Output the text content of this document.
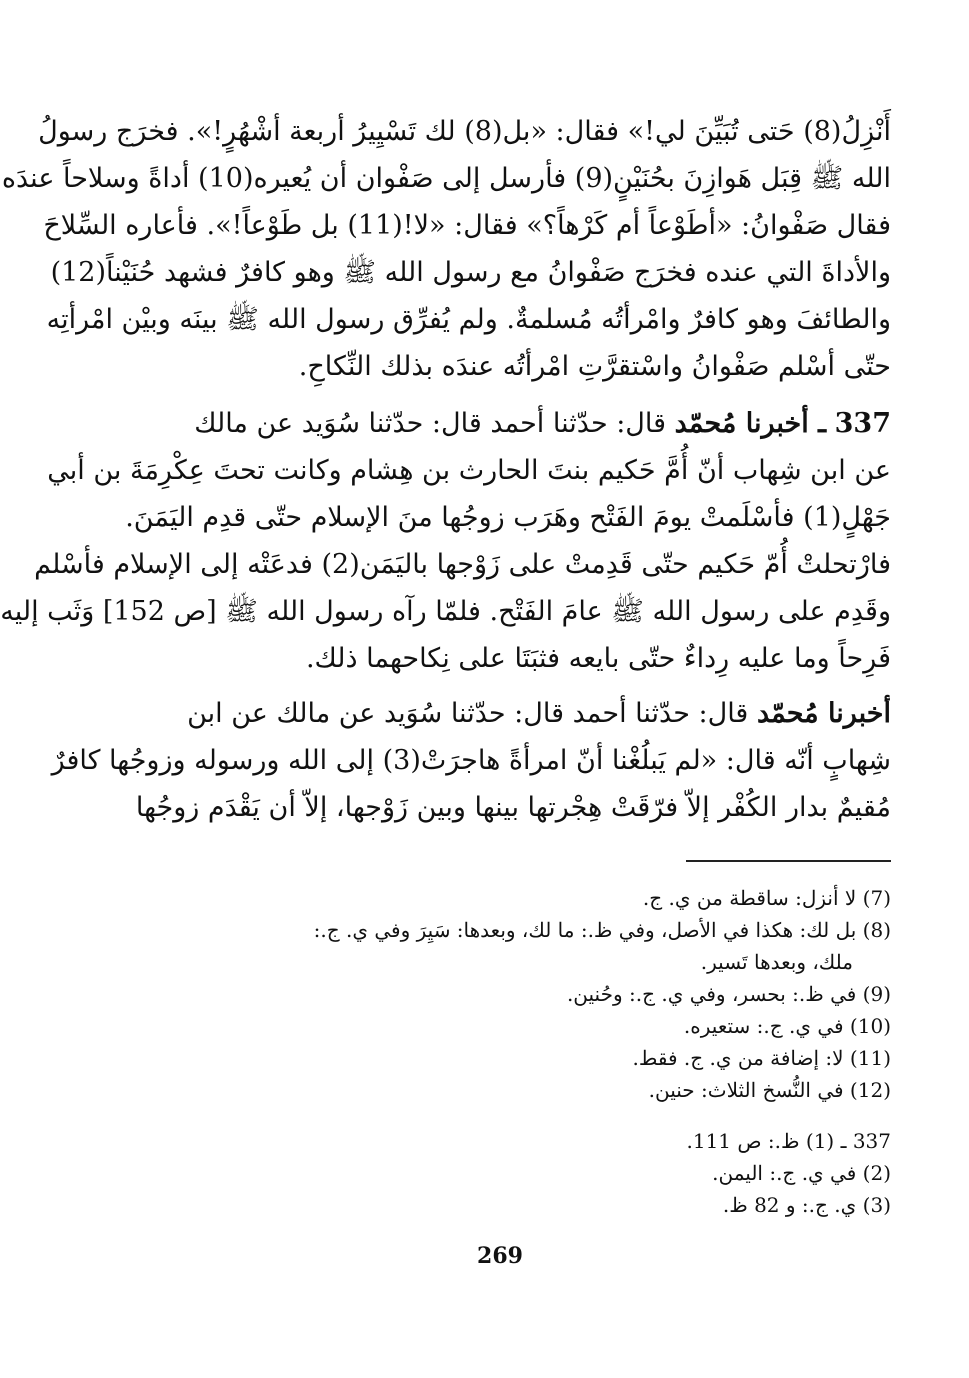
أَنْزِلُ(8) حَتى تُبَيِّنَ لي!» فقال: «بل(8) لك تَسْيِيرُ أربعة أشْهُرٍ!». فخرَج رسولُ
الله ﷺ قِبَل هَوازِنَ بحُنَيْنٍ(9) فأرسل إلى صَفْوان أن يُعيره(10) أداةً وسلاحاً عندَه
فقال صَفْوانُ: «أطَوْعاً أم كَرْهاً؟» فقال: «لا!(11) بل طَوْعاً!». فأعاره السِّلاحَ
والأداةَ التي عنده فخرَج صَفْوانُ مع رسول الله ﷺ وهو كافرٌ فشهد حُنَيْناً(12)
والطائفَ وهو كافرٌ وامْرأتُه مُسلمةٌ. ولم يُفرِّق رسول الله ﷺ بينَه وبيْن امْرأتِه
حتّى أسْلم صَفْوانُ واسْتقرَّتِ امْرأتُه عندَه بذلك النِّكاحِ.
337 ـ أخبرنا مُحمّد قال: حدّثنا أحمد قال: حدّثنا سُوَيد عن مالك
عن ابن شِهاب أنّ أُمَّ حَكيم بنتَ الحارث بن هِشام وكانت تحتَ عِكْرِمَةَ بن أبي
جَهْلٍ(1) فأسْلَمتْ يومَ الفَتْح وهَرَب زوجُها منَ الإسلام حتّى قدِم اليَمَنَ.
فارْتحلتْ أُمّ حَكيم حتّى قَدِمتْ على زَوْجها باليَمَن(2) فدعَتْه إلى الإسلام فأسْلم
وقَدِم على رسول الله ﷺ عامَ الفَتْح. فلمّا رآه رسول الله ﷺ [ص 152] وَثَب إليه
فَرِحاً وما عليه رِداءٌ حتّى بايعه فثبَتَا على نِكاحهما ذلك.
أخبرنا مُحمّد قال: حدّثنا أحمد قال: حدّثنا سُوَيد عن مالك عن ابن
شِهابٍ أنّه قال: «لم يَبلُغْنا أنّ امرأةً هاجرَتْ(3) إلى الله ورسوله وزوجُها كافرٌ
مُقيمٌ بدار الكُفْر إلاّ فرّقَتْ هِجْرتها بينها وبين زَوْجها، إلاّ أن يَقْدَم زوجُها
(7) لا أنزل: ساقطة من ي. ج.
(8) بل لك: هكذا في الأصل، وفي ظ.: ما لك، وبعدها: سَيِرَ وفي ي. ج.:
ملك، وبعدها تَسير.
(9) في ظ.: بحسر، وفي ي. ج.: وحُنين.
(10) في ي. ج.: ستعيره.
(11) لا: إضافة من ي. ج. فقط.
(12) في النُّسخ الثلاث: حنين.
337 ـ (1) ظ.: ص 111.
(2) في ي. ج.: اليمن.
(3) ي. ج.: و 82 ظ.
269
